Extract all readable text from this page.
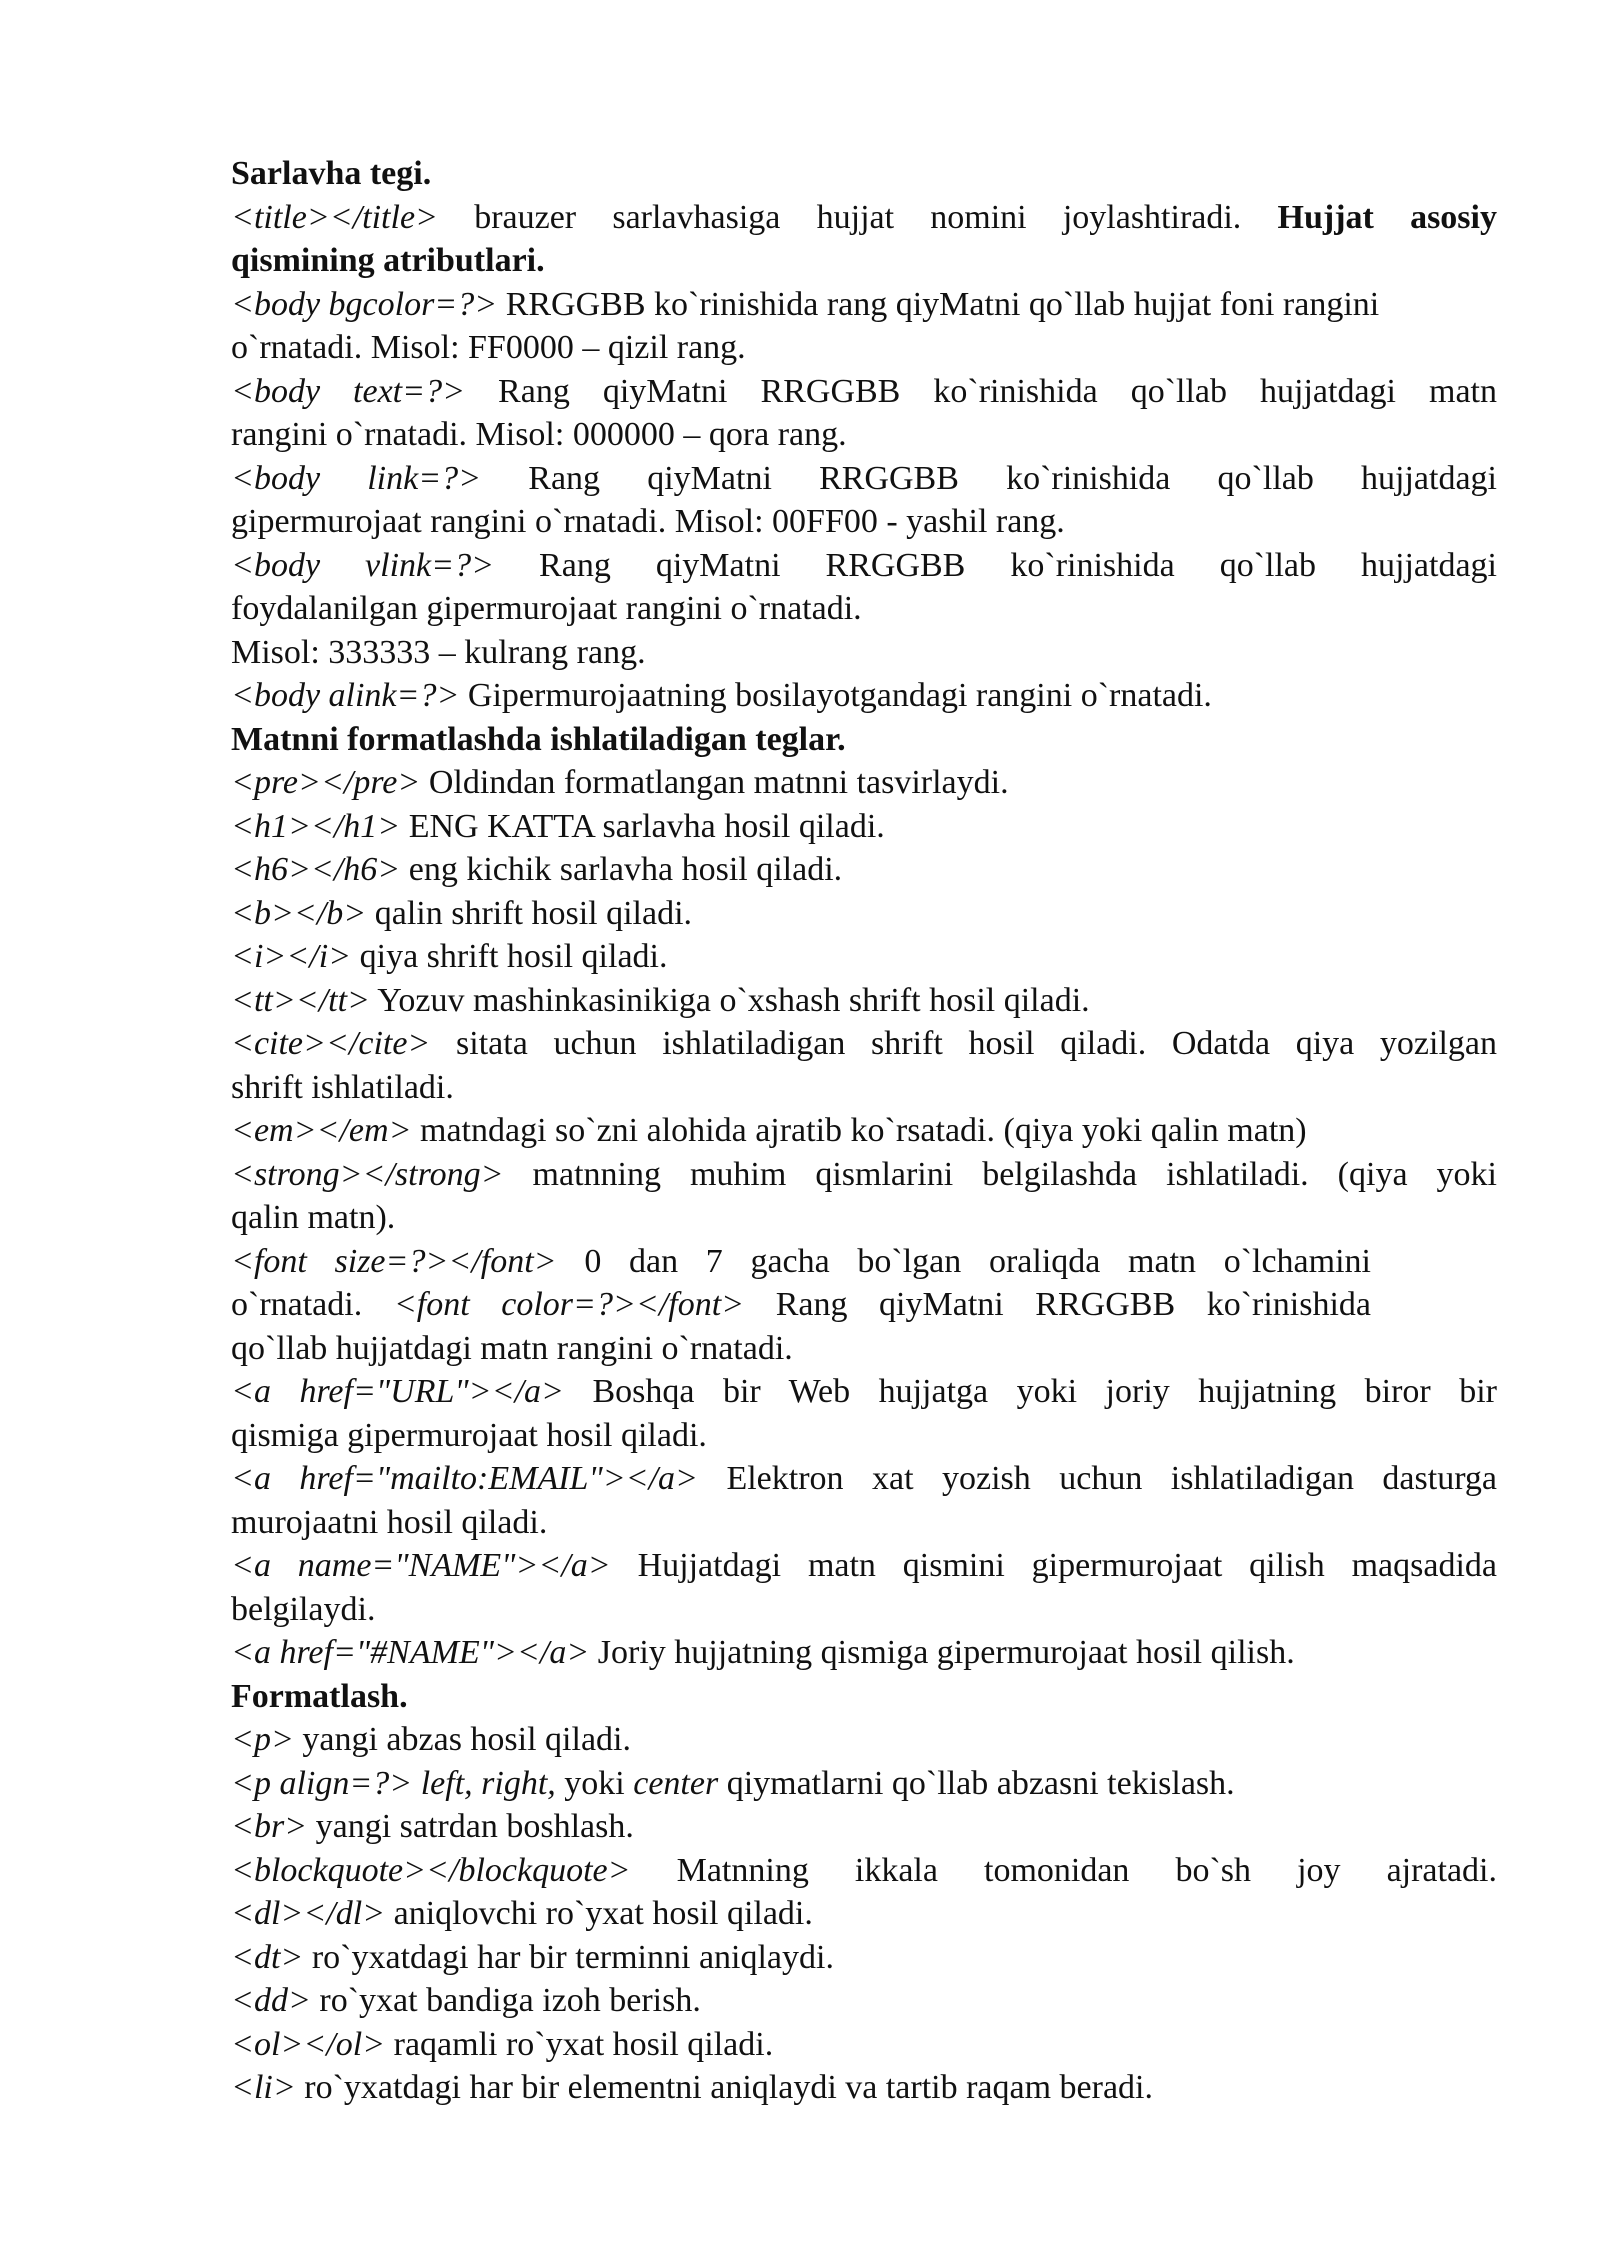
Sarlavha tegi.
<title></title> brauzer sarlavhasiga hujjat nomini joylashtiradi. Hujjat asosiy
qismining atributlari.
<body bgcolor=?> RRGGBB ko`rinishida rang qiyMatni qo`llab hujjat foni rangini
o`rnatadi. Misol: FF0000 – qizil rang.
<body text=?> Rang qiyMatni RRGGBB ko`rinishida qo`llab hujjatdagi matn
rangini o`rnatadi. Misol: 000000 – qora rang.
<body link=?> Rang qiyMatni RRGGBB ko`rinishida qo`llab hujjatdagi
gipermurojaat rangini o`rnatadi. Misol: 00FF00 - yashil rang.
<body vlink=?> Rang qiyMatni RRGGBB ko`rinishida qo`llab hujjatdagi
foydalanilgan gipermurojaat rangini o`rnatadi.
Misol: 333333 – kulrang rang.
<body alink=?> Gipermurojaatning bosilayotgandagi rangini o`rnatadi.
Matnni formatlashda ishlatiladigan teglar.
<pre></pre> Oldindan formatlangan matnni tasvirlaydi.
<h1></h1> ENG KATTA sarlavha hosil qiladi.
<h6></h6> eng kichik sarlavha hosil qiladi.
<b></b> qalin shrift hosil qiladi.
<i></i> qiya shrift hosil qiladi.
<tt></tt> Yozuv mashinkasinikiga o`xshash shrift hosil qiladi.
<cite></cite> sitata uchun ishlatiladigan shrift hosil qiladi. Odatda qiya yozilgan
shrift ishlatiladi.
<em></em> matndagi so`zni alohida ajratib ko`rsatadi. (qiya yoki qalin matn)
<strong></strong> matnning muhim qismlarini belgilashda ishlatiladi. (qiya yoki
qalin matn).
<font size=?></font> 0 dan 7 gacha bo`lgan oraliqda matn o`lchamini
o`rnatadi. <font color=?></font> Rang qiyMatni RRGGBB ko`rinishida
qo`llab hujjatdagi matn rangini o`rnatadi.
<a href="URL"></a> Boshqa bir Web hujjatga yoki joriy hujjatning biror bir
qismiga gipermurojaat hosil qiladi.
<a href="mailto:EMAIL"></a> Elektron xat yozish uchun ishlatiladigan dasturga
murojaatni hosil qiladi.
<a name="NAME"></a> Hujjatdagi matn qismini gipermurojaat qilish maqsadida
belgilaydi.
<a href="#NAME"></a> Joriy hujjatning qismiga gipermurojaat hosil qilish.
Formatlash.
<p> yangi abzas hosil qiladi.
<p align=?> left, right, yoki center qiymatlarni qo`llab abzasni tekislash.
<br> yangi satrdan boshlash.
<blockquote></blockquote> Matnning ikkala tomonidan bo`sh joy ajratadi.
<dl></dl> aniqlovchi ro`yxat hosil qiladi.
<dt> ro`yxatdagi har bir terminni aniqlaydi.
<dd> ro`yxat bandiga izoh berish.
<ol></ol> raqamli ro`yxat hosil qiladi.
<li> ro`yxatdagi har bir elementni aniqlaydi va tartib raqam beradi.
